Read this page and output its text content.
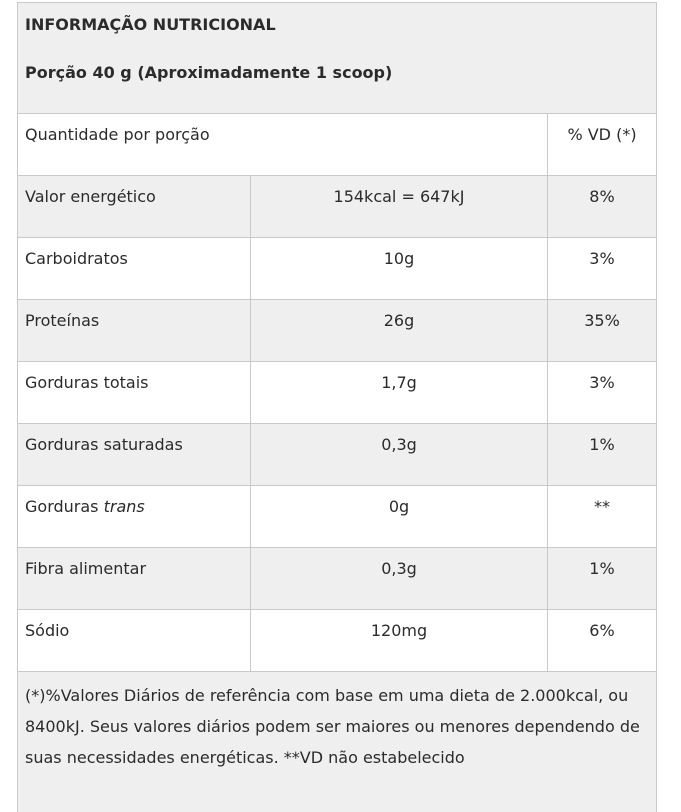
INFORMAÇÃO NUTRICIONAL
Porção 40 g (Aproximadamente 1 scoop)		

Quantidade por porção		% VD (*)
Valor energético	154kcal = 647kJ	8%
Carboidratos	10g	3%
Proteínas	26g	35%
Gorduras totais	1,7g	3%
Gorduras saturadas	0,3g	1%
Gorduras trans	0g	**
Fibra alimentar	0,3g	1%
Sódio	120mg	6%
(*)%Valores Diários de referência com base em uma dieta de 2.000kcal, ou 8400kJ. Seus valores diários podem ser maiores ou menores dependendo de suas necessidades energéticas. **VD não estabelecido		
